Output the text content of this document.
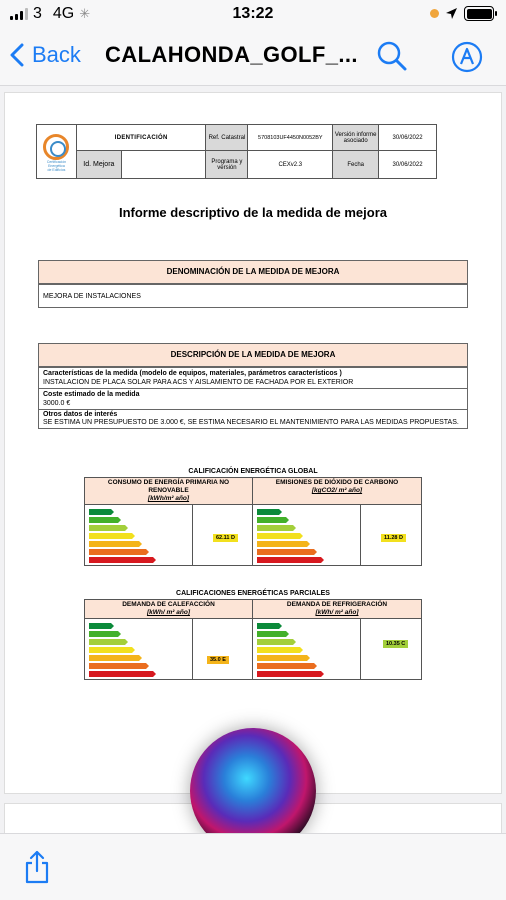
3 4G ✳	13:22
Back CALAHONDA_GOLF_...
Certificación
Energética
de Edificios	IDENTIFICACIÓN		Ref. Catastral	5708103UF4450N0052BY	Versión informe asociado	30/06/2022
	Id. Mejora		Programa y versión	CEXv2.3	Fecha	30/06/2022
Informe descriptivo de la medida de mejora
DENOMINACIÓN DE LA MEDIDA DE MEJORA
MEJORA DE INSTALACIONES
DESCRIPCIÓN DE LA MEDIDA DE MEJORA
Características de la medida (modelo de equipos, materiales, parámetros característicos )
INSTALACION DE PLACA SOLAR PARA ACS Y AISLAMIENTO DE FACHADA POR EL EXTERIOR
Coste estimado de la medida
3000.0 €
Otros datos de interés
SE ESTIMA UN PRESUPUESTO DE 3.000 €, SE ESTIMA NECESARIO EL MANTENIMIENTO PARA LAS MEDIDAS PROPUESTAS.
CALIFICACIÓN ENERGÉTICA GLOBAL
CONSUMO DE ENERGÍA PRIMARIA NO RENOVABLE
[kWh/m² año]
EMISIONES DE DIÓXIDO DE CARBONO
[kgCO2/ m² año]
62.11 D	11.28 D
CALIFICACIONES ENERGÉTICAS PARCIALES
DEMANDA DE CALEFACCIÓN
[kWh/ m² año]
DEMANDA DE REFRIGERACIÓN
[kWh/ m² año]
35.0 E
10.35 C
